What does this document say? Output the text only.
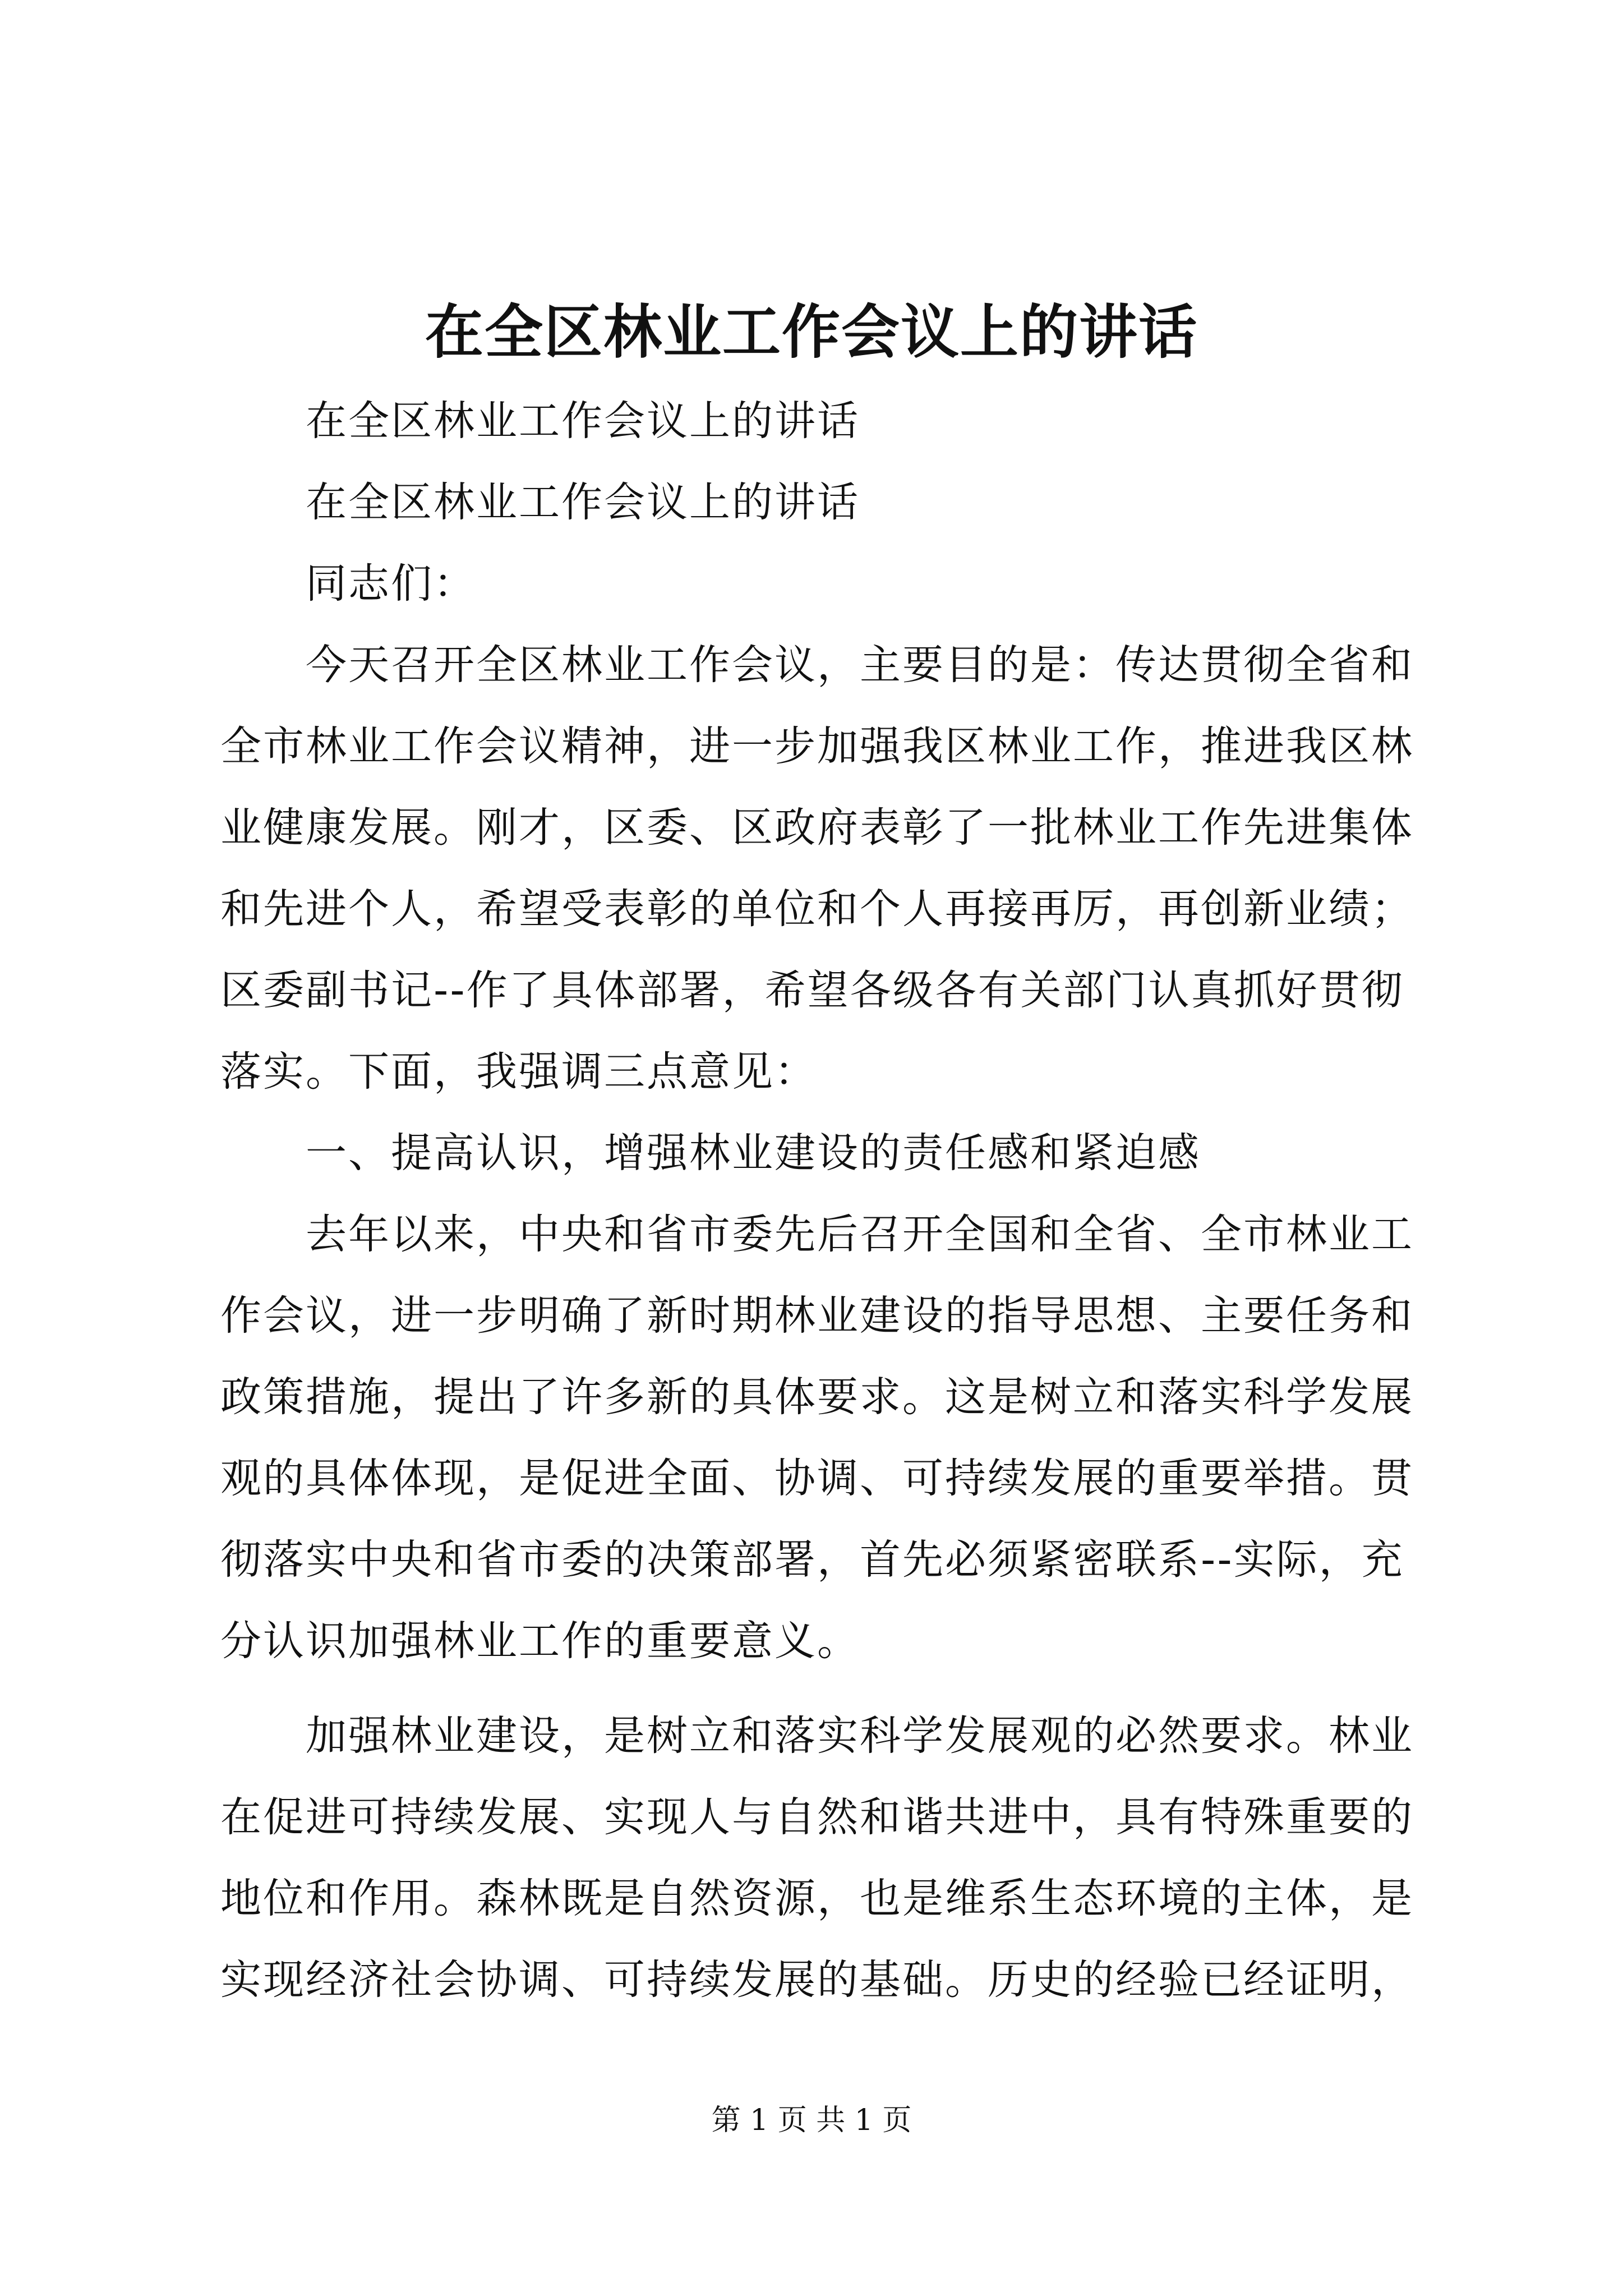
在全区林业工作会议上的讲话

在全区林业工作会议上的讲话

在全区林业工作会议上的讲话

同志们：

今天召开全区林业工作会议，主要目的是：传达贯彻全省和全市林业工作会议精神，进一步加强我区林业工作，推进我区林业健康发展。刚才，区委、区政府表彰了一批林业工作先进集体和先进个人，希望受表彰的单位和个人再接再厉，再创新业绩；区委副书记--作了具体部署，希望各级各有关部门认真抓好贯彻落实。下面，我强调三点意见：

一、提高认识，增强林业建设的责任感和紧迫感

去年以来，中央和省市委先后召开全国和全省、全市林业工作会议，进一步明确了新时期林业建设的指导思想、主要任务和政策措施，提出了许多新的具体要求。这是树立和落实科学发展观的具体体现，是促进全面、协调、可持续发展的重要举措。贯彻落实中央和省市委的决策部署，首先必须紧密联系--实际，充分认识加强林业工作的重要意义。

加强林业建设，是树立和落实科学发展观的必然要求。林业在促进可持续发展、实现人与自然和谐共进中，具有特殊重要的地位和作用。森林既是自然资源，也是维系生态环境的主体，是实现经济社会协调、可持续发展的基础。历史的经验已经证明，

第 1 页 共 1 页
